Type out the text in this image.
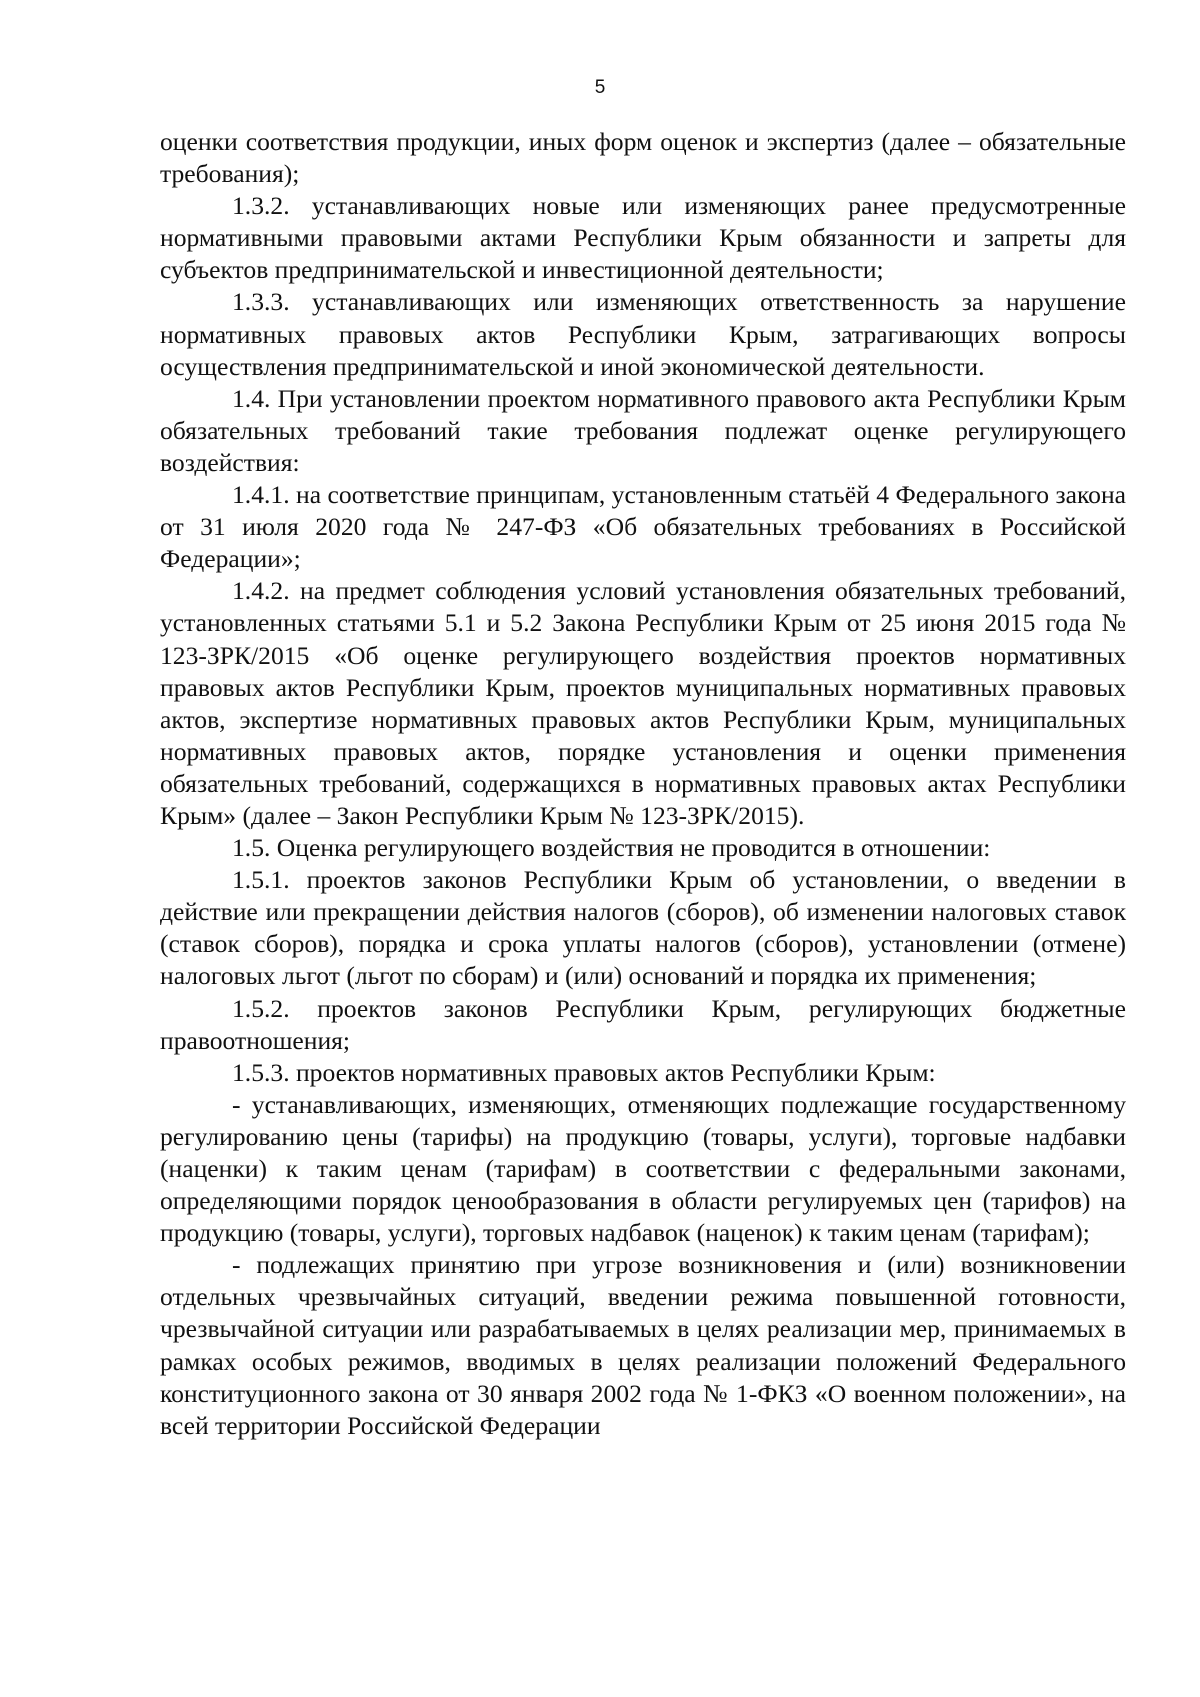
5

оценки соответствия продукции, иных форм оценок и экспертиз (далее – обязательные требования);

1.3.2. устанавливающих новые или изменяющих ранее предусмотренные нормативными правовыми актами Республики Крым обязанности и запреты для субъектов предпринимательской и инвестиционной деятельности;

1.3.3. устанавливающих или изменяющих ответственность за нарушение нормативных правовых актов Республики Крым, затрагивающих вопросы осуществления предпринимательской и иной экономической деятельности.

1.4. При установлении проектом нормативного правового акта Республики Крым обязательных требований такие требования подлежат оценке регулирующего воздействия:

1.4.1. на соответствие принципам, установленным статьёй 4 Федерального закона от 31 июля 2020 года № 247-ФЗ «Об обязательных требованиях в Российской Федерации»;

1.4.2. на предмет соблюдения условий установления обязательных требований, установленных статьями 5.1 и 5.2 Закона Республики Крым от 25 июня 2015 года № 123-ЗРК/2015 «Об оценке регулирующего воздействия проектов нормативных правовых актов Республики Крым, проектов муниципальных нормативных правовых актов, экспертизе нормативных правовых актов Республики Крым, муниципальных нормативных правовых актов, порядке установления и оценки применения обязательных требований, содержащихся в нормативных правовых актах Республики Крым» (далее – Закон Республики Крым № 123-ЗРК/2015).

1.5. Оценка регулирующего воздействия не проводится в отношении:

1.5.1. проектов законов Республики Крым об установлении, о введении в действие или прекращении действия налогов (сборов), об изменении налоговых ставок (ставок сборов), порядка и срока уплаты налогов (сборов), установлении (отмене) налоговых льгот (льгот по сборам) и (или) оснований и порядка их применения;

1.5.2. проектов законов Республики Крым, регулирующих бюджетные правоотношения;

1.5.3. проектов нормативных правовых актов Республики Крым:

- устанавливающих, изменяющих, отменяющих подлежащие государственному регулированию цены (тарифы) на продукцию (товары, услуги), торговые надбавки (наценки) к таким ценам (тарифам) в соответствии с федеральными законами, определяющими порядок ценообразования в области регулируемых цен (тарифов) на продукцию (товары, услуги), торговых надбавок (наценок) к таким ценам (тарифам);

- подлежащих принятию при угрозе возникновения и (или) возникновении отдельных чрезвычайных ситуаций, введении режима повышенной готовности, чрезвычайной ситуации или разрабатываемых в целях реализации мер, принимаемых в рамках особых режимов, вводимых в целях реализации положений Федерального конституционного закона от 30 января 2002 года № 1-ФКЗ «О военном положении», на всей территории Российской Федерации
